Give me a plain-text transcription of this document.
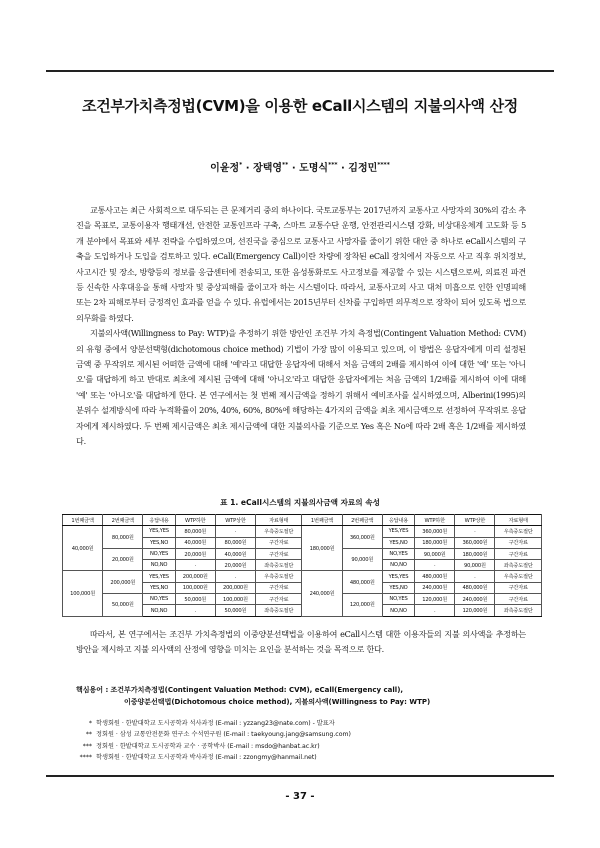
조건부가치측정법(CVM)을 이용한 eCall시스템의 지불의사액 산정
이윤정* · 장택영** · 도명식*** · 김정민****

교통사고는 최근 사회적으로 대두되는 큰 문제거리 중의 하나이다. 국토교통부는 2017년까지 교통사고 사망자의 30%의 감소 추진을 목표로, 교통이용자 행태개선, 안전한 교통인프라 구축, 스마트 교통수단 운행, 안전관리시스템 강화, 비상대응체계 고도화 등 5개 분야에서 목표와 세부 전략을 수립하였으며, 선진국을 중심으로 교통사고 사망자를 줄이기 위한 대안 중 하나로 eCall시스템의 구축을 도입하거나 도입을 검토하고 있다. eCall(Emergency Call)이란 차량에 장착된 eCall 장치에서 자동으로 사고 직후 위치정보, 사고시간 및 장소, 방향등의 정보를 응급센터에 전송되고, 또한 음성통화로도 사고정보를 제공할 수 있는 시스템으로써, 의료진 파견 등 신속한 사후대응을 통해 사망자 및 중상피해를 줄이고자 하는 시스템이다. 따라서, 교통사고의 사고 대처 미흡으로 인한 인명피해 또는 2차 피해로부터 긍정적인 효과를 얻을 수 있다. 유럽에서는 2015년부터 신차를 구입하면 의무적으로 장착이 되어 있도록 법으로 의무화를 하였다.

지불의사액(Willingness to Pay: WTP)을 추정하기 위한 방안인 조건부 가치 측정법(Contingent Valuation Method: CVM)의 유형 중에서 양분선택형(dichotomous choice method) 기법이 가장 많이 이용되고 있으며, 이 방법은 응답자에게 미리 설정된 금액 중 무작위로 제시된 어떠한 금액에 대해 '예'라고 대답한 응답자에 대해서 처음 금액의 2배를 제시하여 이에 대한 '예' 또는 '아니오'를 대답하게 하고 반대로 최초에 제시된 금액에 대해 '아니오'라고 대답한 응답자에게는 처음 금액의 1/2배를 제시하여 이에 대해 '예' 또는 '아니오'를 대답하게 한다. 본 연구에서는 첫 번째 제시금액을 정하기 위해서 예비조사를 실시하였으며, Alberini(1995)의 분위수 설계방식에 따라 누적확률이 20%, 40%, 60%, 80%에 해당하는 4가지의 금액을 최초 제시금액으로 선정하여 무작위로 응답자에게 제시하였다. 두 번째 제시금액은 최초 제시금액에 대한 지불의사를 기준으로 Yes 혹은 No에 따라 2배 혹은 1/2배를 제시하였다.

표 1. eCall시스템의 지불의사금액 자료의 속성
1번째금액	2번째금액	응답내용	WTP하한	WTP상한	자료형태	1번째금액	2번째금액	응답내용	WTP하한	WTP상한	자료형태
40,000원	80,000원	YES,YES	80,000원	.	우측중도절단	180,000원	360,000원	YES,YES	360,000원	.	우측중도절단
		YES,NO	40,000원	80,000원	구간자료			YES,NO	180,000원	360,000원	구간자료
	20,000원	NO,YES	20,000원	40,000원	구간자료		90,000원	NO,YES	90,000원	180,000원	구간자료
		NO,NO	.	20,000원	좌측중도절단			NO,NO	.	90,000원	좌측중도절단
100,000원	200,000원	YES,YES	200,000원	.	우측중도절단	240,000원	480,000원	YES,YES	480,000원	.	우측중도절단
		YES,NO	100,000원	200,000원	구간자료			YES,NO	240,000원	480,000원	구간자료
	50,000원	NO,YES	50,000원	100,000원	구간자료		120,000원	NO,YES	120,000원	240,000원	구간자료
		NO,NO	.	50,000원	좌측중도절단			NO,NO	.	120,000원	좌측중도절단

따라서, 본 연구에서는 조건부 가치측정법의 이중양분선택법을 이용하여 eCall시스템 대한 이용자들의 지불 의사액을 추정하는 방안을 제시하고 지불 의사액의 산정에 영향을 미치는 요인을 분석하는 것을 목적으로 한다.

핵심용어 : 조건부가치측정법(Contingent Valuation Method: CVM), eCall(Emergency call),
이중양분선택법(Dichotomous choice method), 지불의사액(Willingness to Pay: WTP)
* 학생회원 · 한밭대학교 도시공학과 석사과정 (E-mail : yzzang23@nate.com) - 발표자
** 정회원 · 삼성 교통안전문화 연구소 수석연구원 (E-mail : taekyoung.jang@samsung.com)
*** 정회원 · 한밭대학교 도시공학과 교수 · 공학박사 (E-mail : msdo@hanbat.ac.kr)
**** 학생회원 · 한밭대학교 도시공학과 박사과정 (E-mail : zzongmy@hanmail.net)
- 37 -
